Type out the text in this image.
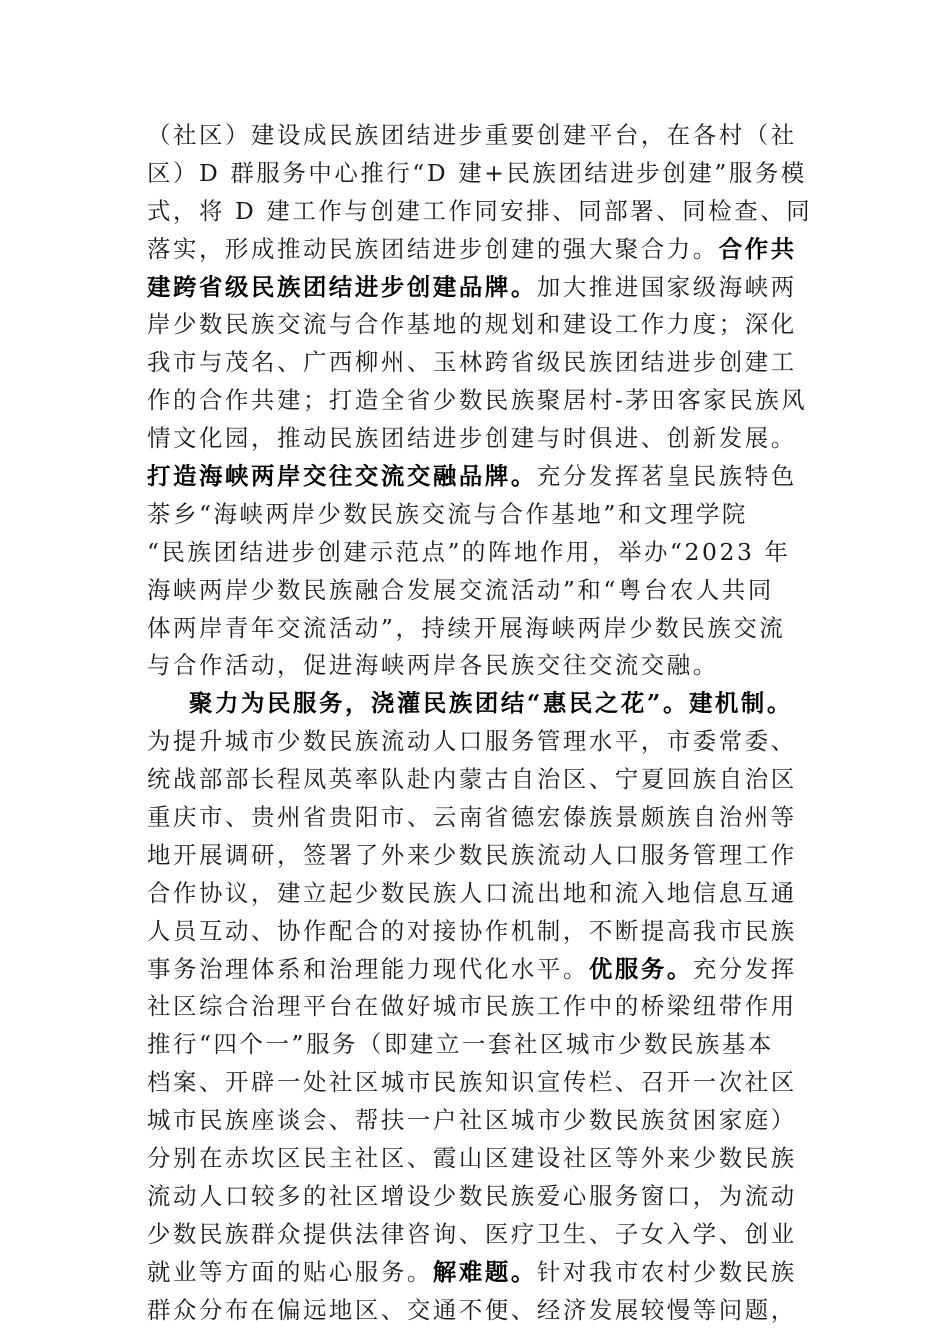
（社区）建设成民族团结进步重要创建平台，在各村（社
区）D 群服务中心推行“D 建+民族团结进步创建”服务模
式，将 D 建工作与创建工作同安排、同部署、同检查、同
落实，形成推动民族团结进步创建的强大聚合力。合作共
建跨省级民族团结进步创建品牌。加大推进国家级海峡两
岸少数民族交流与合作基地的规划和建设工作力度；深化
我市与茂名、广西柳州、玉林跨省级民族团结进步创建工
作的合作共建；打造全省少数民族聚居村-茅田客家民族风
情文化园，推动民族团结进步创建与时俱进、创新发展。
打造海峡两岸交往交流交融品牌。充分发挥茗皇民族特色
茶乡“海峡两岸少数民族交流与合作基地”和文理学院
“民族团结进步创建示范点”的阵地作用，举办“2023 年
海峡两岸少数民族融合发展交流活动”和“粤台农人共同
体两岸青年交流活动”，持续开展海峡两岸少数民族交流
与合作活动，促进海峡两岸各民族交往交流交融。
聚力为民服务，浇灌民族团结“惠民之花”。建机制。
为提升城市少数民族流动人口服务管理水平，市委常委、
统战部部长程凤英率队赴内蒙古自治区、宁夏回族自治区
重庆市、贵州省贵阳市、云南省德宏傣族景颇族自治州等
地开展调研，签署了外来少数民族流动人口服务管理工作
合作协议，建立起少数民族人口流出地和流入地信息互通
人员互动、协作配合的对接协作机制，不断提高我市民族
事务治理体系和治理能力现代化水平。优服务。充分发挥
社区综合治理平台在做好城市民族工作中的桥梁纽带作用
推行“四个一”服务（即建立一套社区城市少数民族基本
档案、开辟一处社区城市民族知识宣传栏、召开一次社区
城市民族座谈会、帮扶一户社区城市少数民族贫困家庭）
分别在赤坎区民主社区、霞山区建设社区等外来少数民族
流动人口较多的社区增设少数民族爱心服务窗口，为流动
少数民族群众提供法律咨询、医疗卫生、子女入学、创业
就业等方面的贴心服务。解难题。针对我市农村少数民族
群众分布在偏远地区、交通不便、经济发展较慢等问题，
